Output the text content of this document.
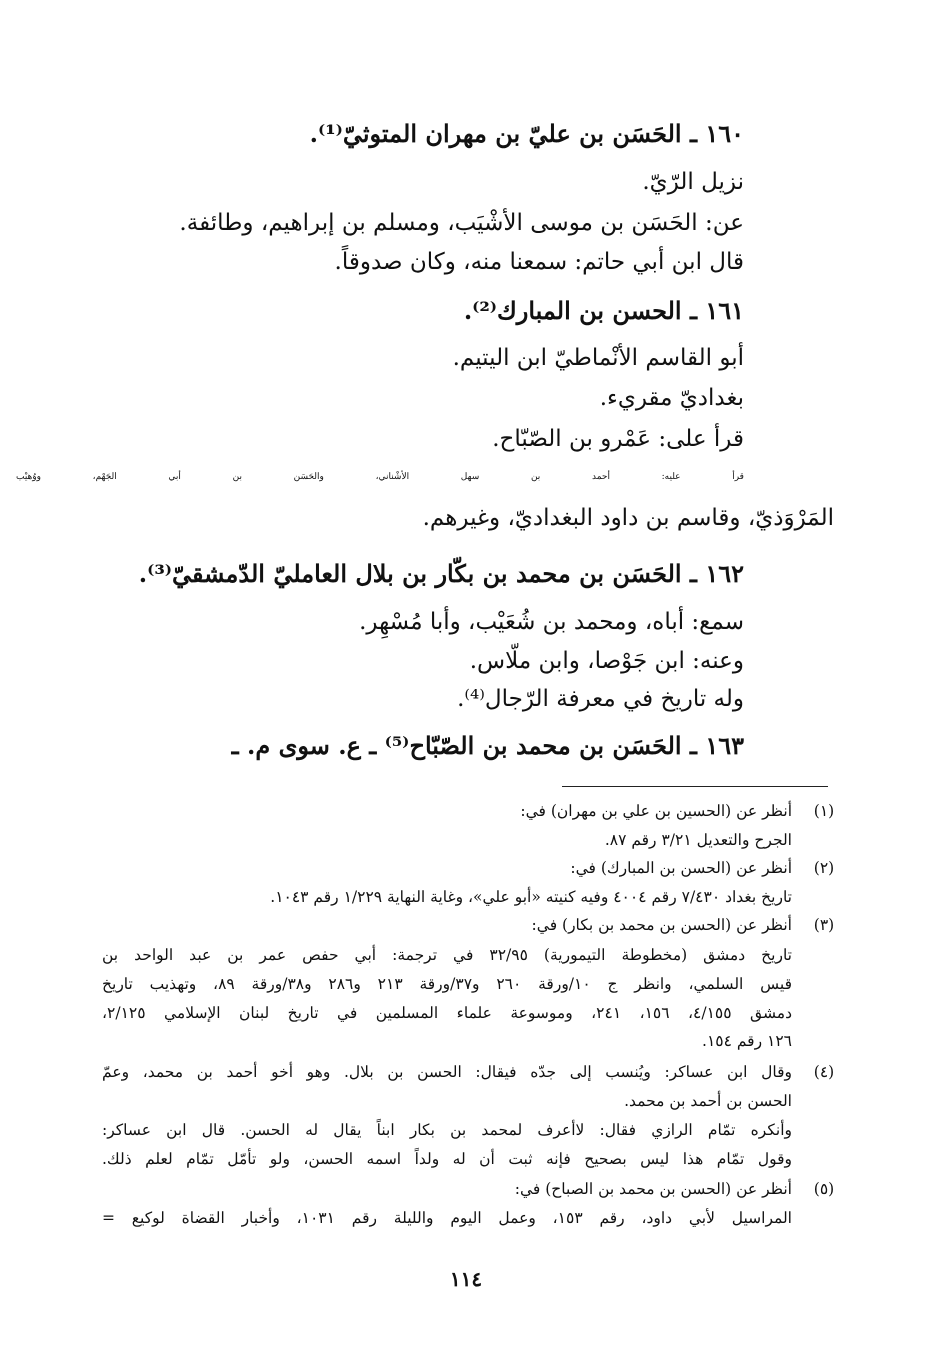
١٦٠ ـ الحَسَن بن عليّ بن مهران المتوثيّ⁽¹⁾.
نزيل الرّيّ.
عن: الحَسَن بن موسى الأشْيَب، ومسلم بن إبراهيم، وطائفة.
قال ابن أبي حاتم: سمعنا منه، وكان صدوقاً.
١٦١ ـ الحسن بن المبارك⁽²⁾.
أبو القاسم الأنْماطيّ ابن اليتيم.
بغداديّ مقريء.
قرأ على: عَمْرو بن الصّبّاح.
قرأ عليه: أحمد بن سهل الأشْناني، والحَسَن بن أبي الجَهْم، ووُهيْب
المَرْوَذيّ، وقاسم بن داود البغداديّ، وغيرهم.
١٦٢ ـ الحَسَن بن محمد بن بكّار بن بلال العامليّ الدّمشقيّ⁽³⁾.
سمع: أباه، ومحمد بن شُعَيْب، وأبا مُسْهِر.
وعنه: ابن جَوْصا، وابن ملّاس.
وله تاريخ في معرفة الرّجال⁽⁴⁾.
١٦٣ ـ الحَسَن بن محمد بن الصّبّاح⁽⁵⁾ ـ ع. سوى م. ـ
(١)
أنظر عن (الحسين بن علي بن مهران) في:
الجرح والتعديل ٣/٢١ رقم ٨٧.
(٢)
أنظر عن (الحسن بن المبارك) في:
تاريخ بغداد ٧/٤٣٠ رقم ٤٠٠٤ وفيه كنيته «أبو علي»، وغاية النهاية ١/٢٢٩ رقم ١٠٤٣.
(٣)
أنظر عن (الحسن بن محمد بن بكار) في:
تاريخ دمشق (مخطوطة التيمورية) ٣٢/٩٥ في ترجمة: أبي حفص عمر بن عبد الواحد بن
قيس السلمي، وانظر ج ١٠/ورقة ٢٦٠ و٣٧/ورقة ٢١٣ و٢٨٦ و٣٨/ورقة ٨٩، وتهذيب تاريخ
دمشق ٤/١٥٥، ١٥٦، ٢٤١، وموسوعة علماء المسلمين في تاريخ لبنان الإسلامي ٢/١٢٥،
١٢٦ رقم ١٥٤.
(٤)
وقال ابن عساكر: ويُنسب إلى جدّه فيقال: الحسن بن بلال. وهو أخو أحمد بن محمد، وعمّ
الحسن بن أحمد بن محمد.
وأنكره تمّام الرازي فقال: لاأعرف لمحمد بن بكار ابناً يقال له الحسن. قال ابن عساكر:
وقول تمّام هذا ليس بصحيح فإنه ثبت أن له ولداً اسمه الحسن، ولو تأمّل تمّام لعلم ذلك.
(٥)
أنظر عن (الحسن بن محمد بن الصباح) في:
المراسيل لأبي داود، رقم ١٥٣، وعمل اليوم والليلة رقم ١٠٣١، وأخبار القضاة لوكيع =
١١٤
